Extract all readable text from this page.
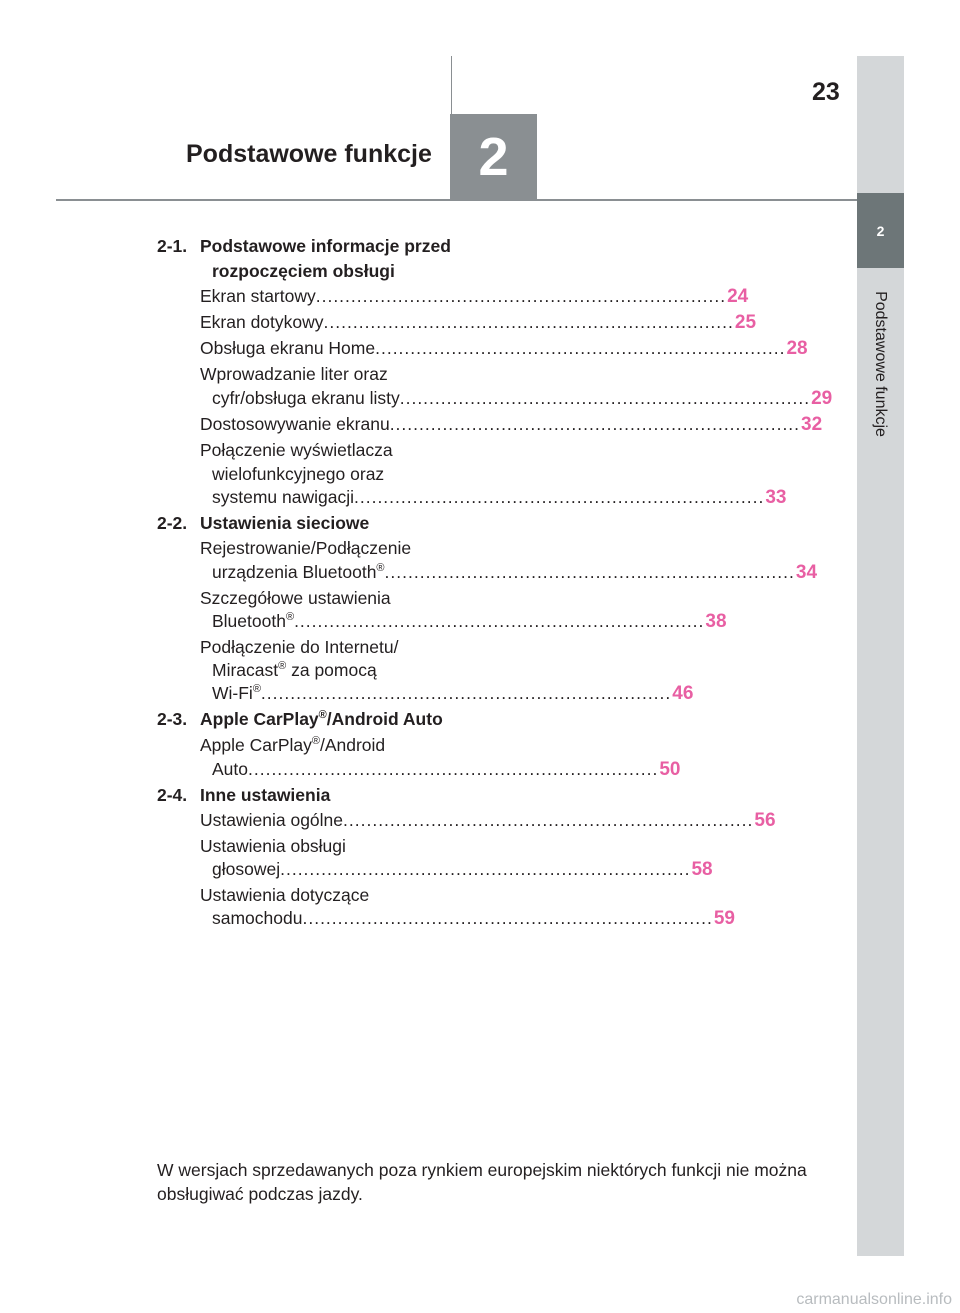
2
Podstawowe funkcje
2
23
Podstawowe funkcje
2-1. Podstawowe informacje przed
rozpoczęciem obsługi
Ekran startowy ...................................................................... 24
Ekran dotykowy ...................................................................... 25
Obsługa ekranu Home ...................................................................... 28
Wprowadzanie liter oraz
cyfr/obsługa ekranu listy ...................................................................... 29
Dostosowywanie ekranu ...................................................................... 32
Połączenie wyświetlacza
wielofunkcyjnego oraz
systemu nawigacji ...................................................................... 33
2-2. Ustawienia sieciowe
Rejestrowanie/Podłączenie
urządzenia Bluetooth® ...................................................................... 34
Szczegółowe ustawienia
Bluetooth® ...................................................................... 38
Podłączenie do Internetu/
Miracast® za pomocą
Wi-Fi® ...................................................................... 46
2-3. Apple CarPlay®/Android Auto
Apple CarPlay®/Android
Auto ...................................................................... 50
2-4. Inne ustawienia
Ustawienia ogólne ...................................................................... 56
Ustawienia obsługi
głosowej ...................................................................... 58
Ustawienia dotyczące
samochodu ...................................................................... 59
W wersjach sprzedawanych poza rynkiem europejskim niektórych funkcji nie można obsługiwać podczas jazdy.
carmanualsonline.info
